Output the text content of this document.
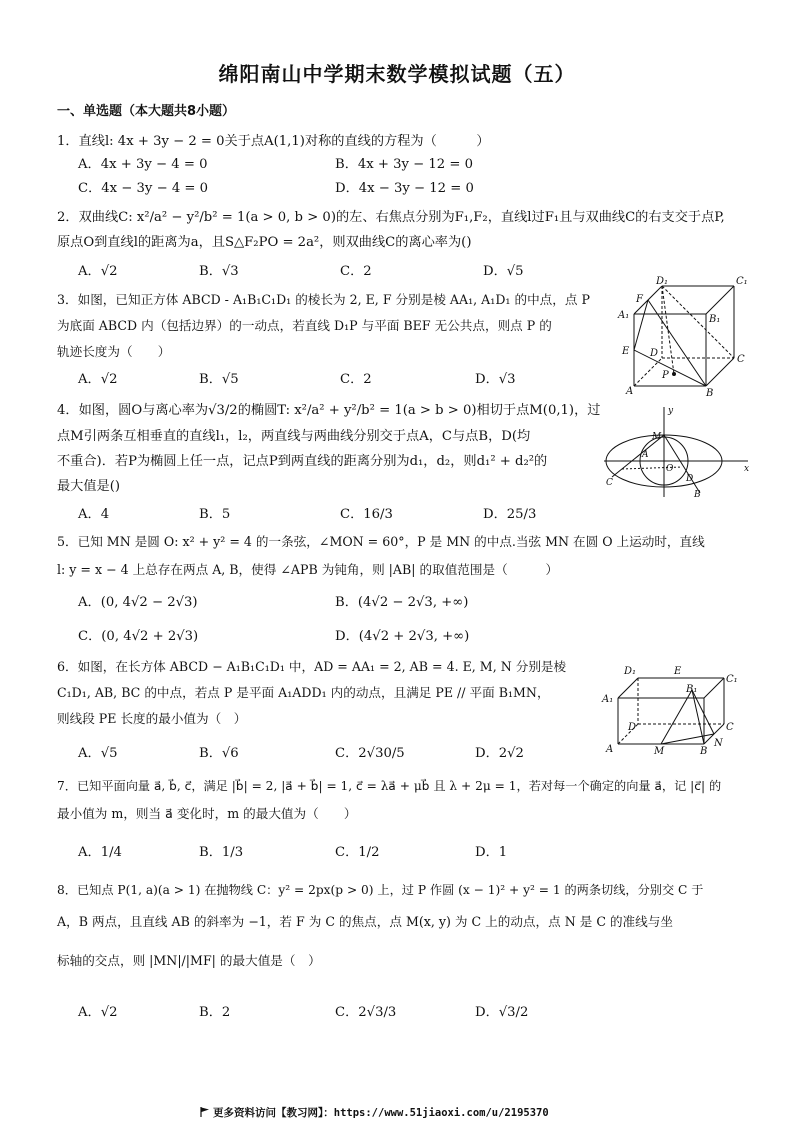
绵阳南山中学期末数学模拟试题（五）
一、单选题（本大题共8小题）
1．直线l: 4x + 3y − 2 = 0关于点A(1,1)对称的直线的方程为（　　　）
A．4x + 3y − 4 = 0	B．4x + 3y − 12 = 0
C．4x − 3y − 4 = 0	D．4x − 3y − 12 = 0
2．双曲线C: x²/a² − y²/b² = 1(a > 0, b > 0)的左、右焦点分别为F₁,F₂，直线l过F₁且与双曲线C的右支交于点P,
原点O到直线l的距离为a，且S△F₂PO = 2a²，则双曲线C的离心率为()
A．√2	B．√3	C．2	D．√5
3．如图，已知正方体 ABCD - A₁B₁C₁D₁ 的棱长为 2, E, F 分别是棱 AA₁, A₁D₁ 的中点，点 P
为底面 ABCD 内（包括边界）的一动点，若直线 D₁P 与平面 BEF 无公共点，则点 P 的
轨迹长度为（　　）
A．√2	B．√5	C．2	D．√3
D₁	C₁
F
A₁	B₁
E D
C
P
A	B
4．如图，圆O与离心率为√3/2的椭圆T: x²/a² + y²/b² = 1(a > b > 0)相切于点M(0,1)，过
点M引两条互相垂直的直线l₁，l₂，两直线与两曲线分别交于点A，C与点B，D(均
不重合)．若P为椭圆上任一点，记点P到两直线的距离分别为d₁，d₂，则d₁² + d₂²的
最大值是()
A．4	B．5	C．16/3	D．25/3
y
M
A
O
C	D
B
x
5．已知 MN 是圆 O: x² + y² = 4 的一条弦，∠MON = 60°，P 是 MN 的中点.当弦 MN 在圆 O 上运动时，直线
l: y = x − 4 上总存在两点 A, B，使得 ∠APB 为钝角，则 |AB| 的取值范围是（　　　）
A．(0, 4√2 − 2√3)	B．(4√2 − 2√3, +∞)
C．(0, 4√2 + 2√3)	D．(4√2 + 2√3, +∞)
6．如图，在长方体 ABCD − A₁B₁C₁D₁ 中，AD = AA₁ = 2, AB = 4. E, M, N 分别是棱
C₁D₁, AB, BC 的中点，若点 P 是平面 A₁ADD₁ 内的动点，且满足 PE // 平面 B₁MN，
则线段 PE 长度的最小值为（　）
A．√5	B．√6	C．2√30/5	D．2√2
D₁	E
C₁
A₁
B₁
D	C
A	M	B
N
7．已知平面向量 a⃗, b⃗, c⃗，满足 |b⃗| = 2, |a⃗ + b⃗| = 1, c⃗ = λa⃗ + μb⃗ 且 λ + 2μ = 1，若对每一个确定的向量 a⃗，记 |c⃗| 的
最小值为 m，则当 a⃗ 变化时，m 的最大值为（　　）
A．1/4	B．1/3	C．1/2	D．1
8．已知点 P(1, a)(a > 1) 在抛物线 C：y² = 2px(p > 0) 上，过 P 作圆 (x − 1)² + y² = 1 的两条切线，分别交 C 于
A，B 两点，且直线 AB 的斜率为 −1，若 F 为 C 的焦点，点 M(x, y) 为 C 上的动点，点 N 是 C 的准线与坐
标轴的交点，则 |MN|/|MF| 的最大值是（　）
A．√2	B．2	C．2√3/3	D．√3/2
更多资料访问【教习网】：https://www.51jiaoxi.com/u/2195370
